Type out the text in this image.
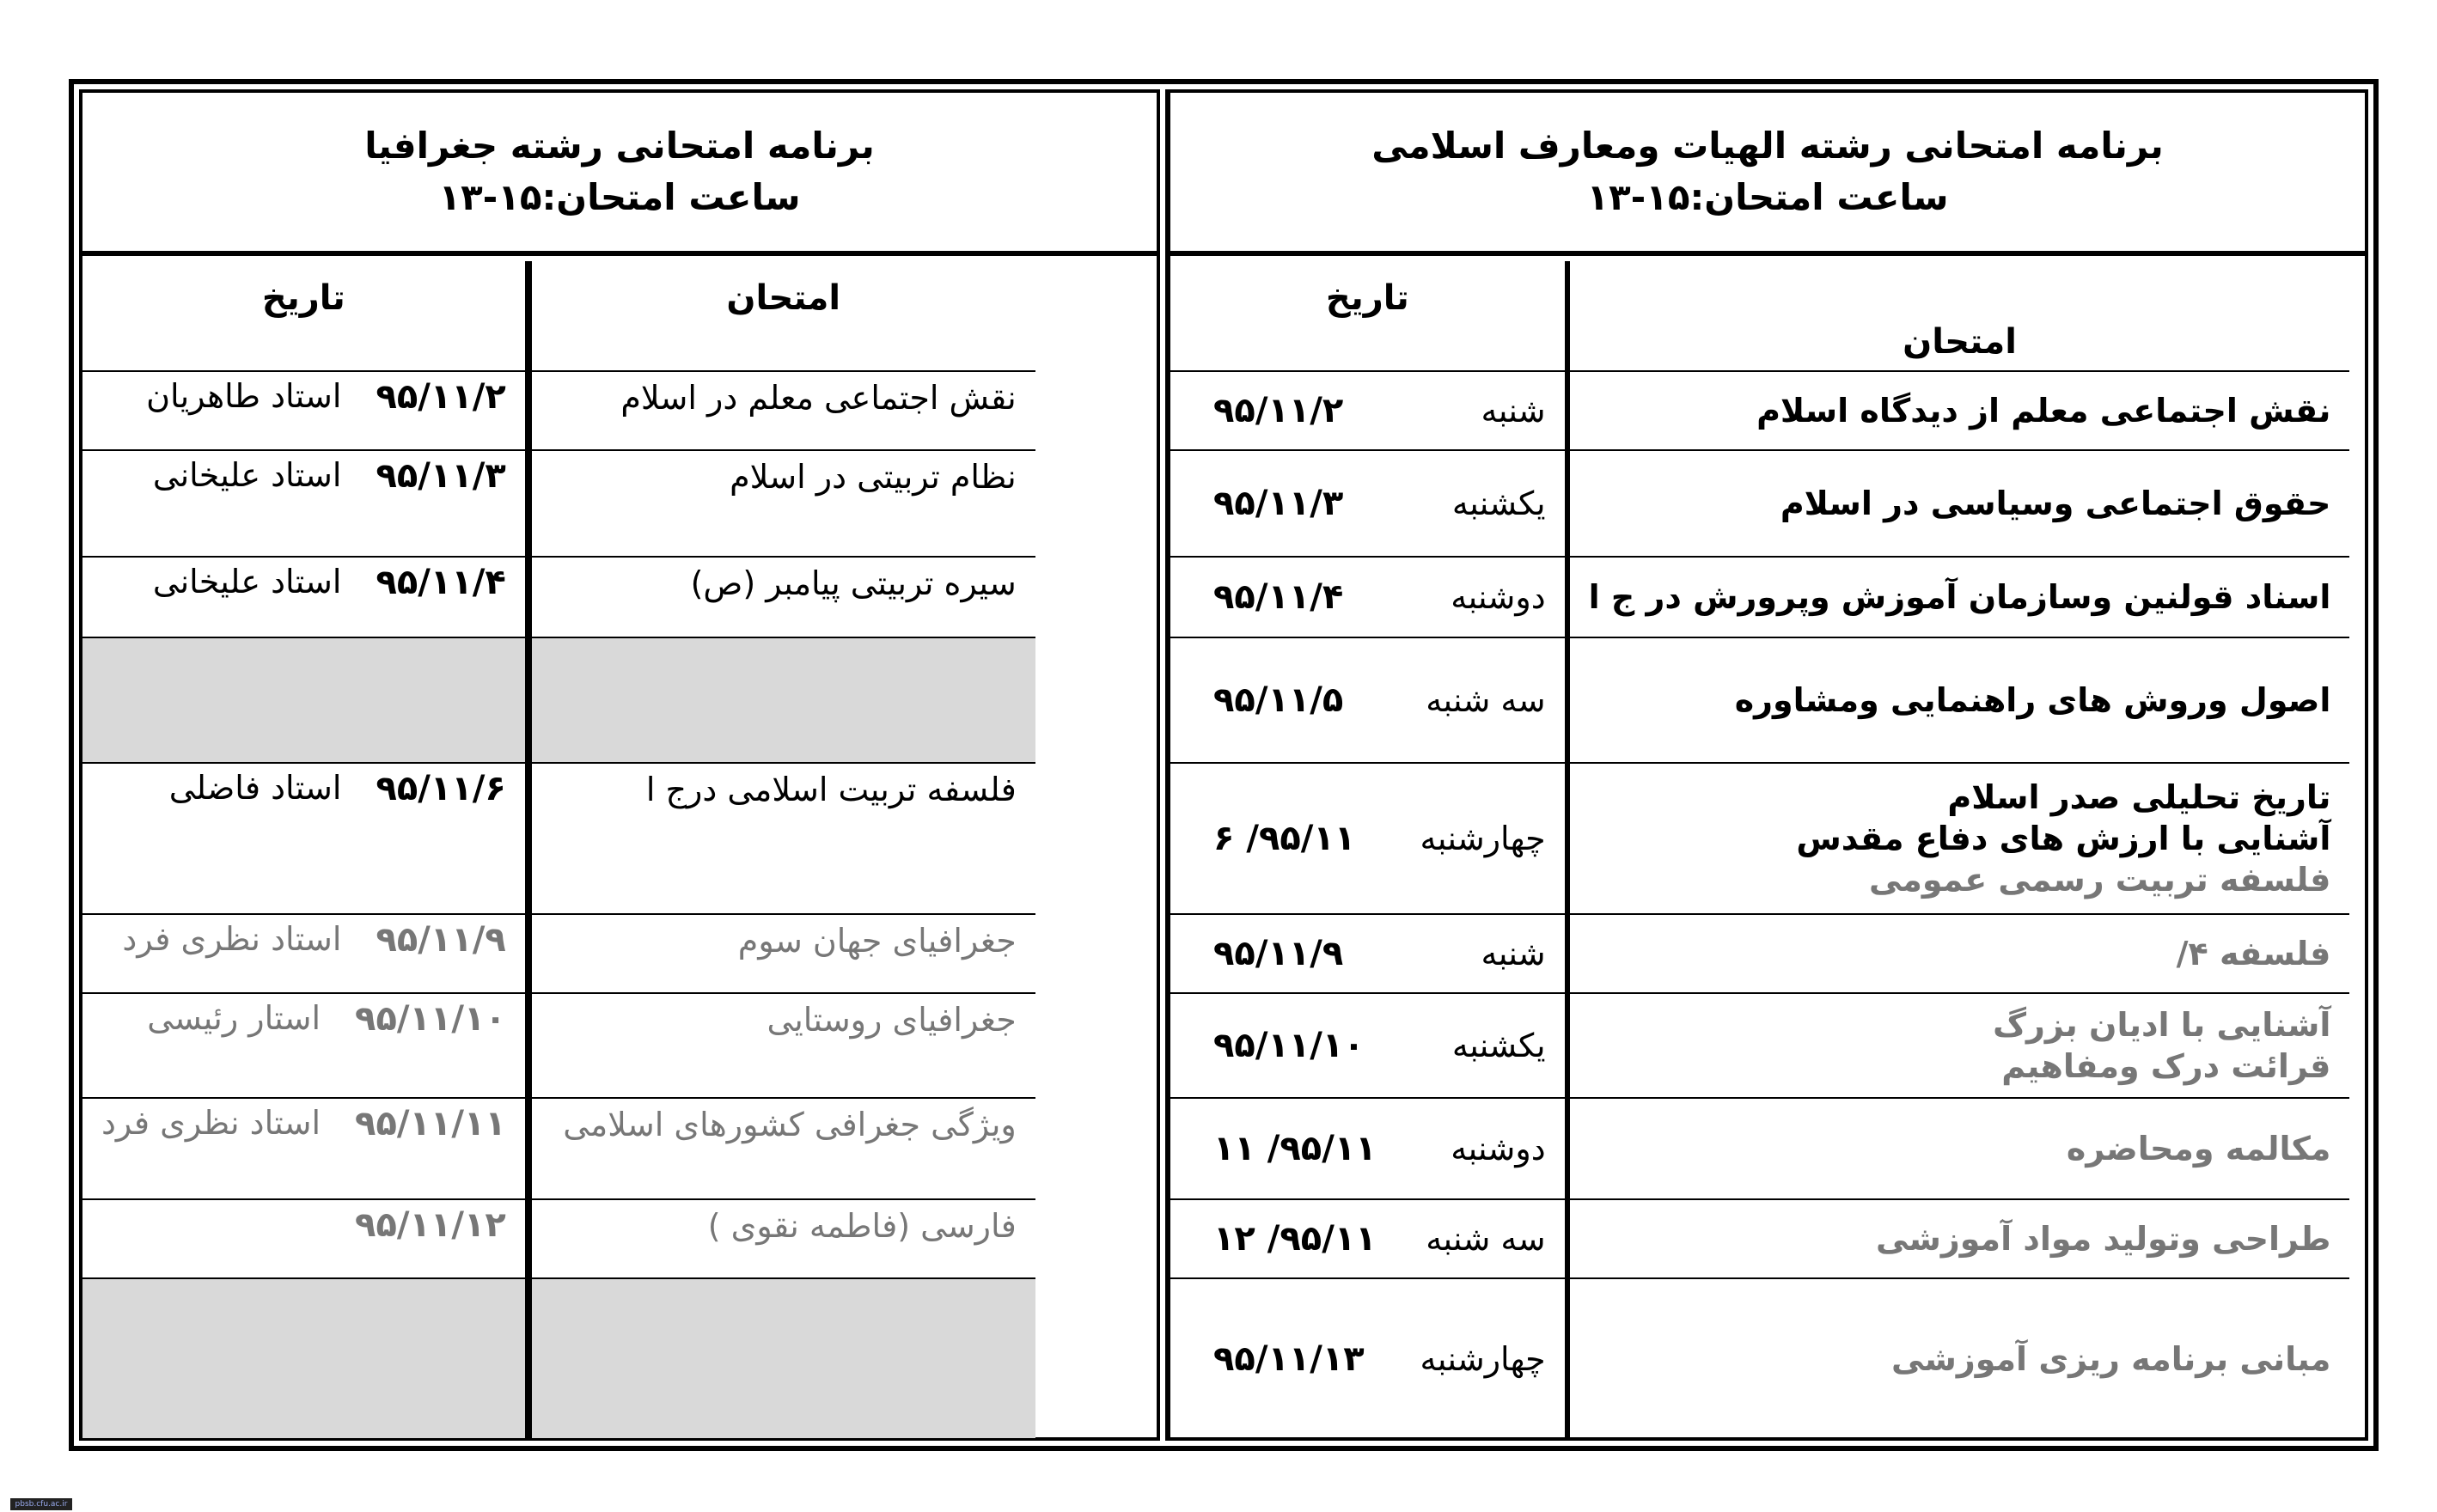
برنامه امتحانی رشته الهیات ومعارف اسلامی
ساعت امتحان:۱۵-۱۳
امتحان	تاریخ	

نقش اجتماعی معلم از دیدگاه اسلام	شنبه	۹۵/۱۱/۲

حقوق اجتماعی وسیاسی در اسلام	یکشنبه	۹۵/۱۱/۳

اسناد قولنین وسازمان آموزش وپرورش در ج ا	دوشنبه	۹۵/۱۱/۴

اصول وروش های راهنمایی ومشاوره	سه شنبه	۹۵/۱۱/۵

تاریخ تحلیلی صدر اسلام
آشنایی با ارزش های دفاع مقدس
فلسفه تربیت رسمی عمومی	چهارشنبه	۹۵/۱۱/ ۶

فلسفه ۴/	شنبه	۹۵/۱۱/۹

آشنایی با ادیان بزرگ
قرائت درک ومفاهیم	یکشنبه	۹۵/۱۱/۱۰

مکالمه ومحاضره	دوشنبه	۹۵/۱۱/ ۱۱

طراحی وتولید مواد آموزشی	سه شنبه	۹۵/۱۱/ ۱۲

مبانی برنامه ریزی آموزشی	چهارشنبه	۹۵/۱۱/۱۳
برنامه امتحانی رشته جغرافیا
ساعت امتحان:۱۵-۱۳
امتحان	تاریخ
نقش اجتماعی معلم در اسلام	۹۵/۱۱/۲
استاد طاهریان

نظام تربیتی در اسلام	۹۵/۱۱/۳
استاد علیخانی

سیره تربیتی پیامبر (ص)	۹۵/۱۱/۴
استاد علیخانی

فلسفه تربیت اسلامی درج ا	۹۵/۱۱/۶
استاد فاضلی

جغرافیای جهان سوم	۹۵/۱۱/۹
استاد نظری فرد

جغرافیای روستایی	۹۵/۱۱/۱۰
استار رئیسی

ویژگی جغرافی کشورهای اسلامی	۹۵/۱۱/۱۱
استاد نظری فرد

فارسی (فاطمه نقوی )	۹۵/۱۱/۱۲

pbsb.cfu.ac.ir
